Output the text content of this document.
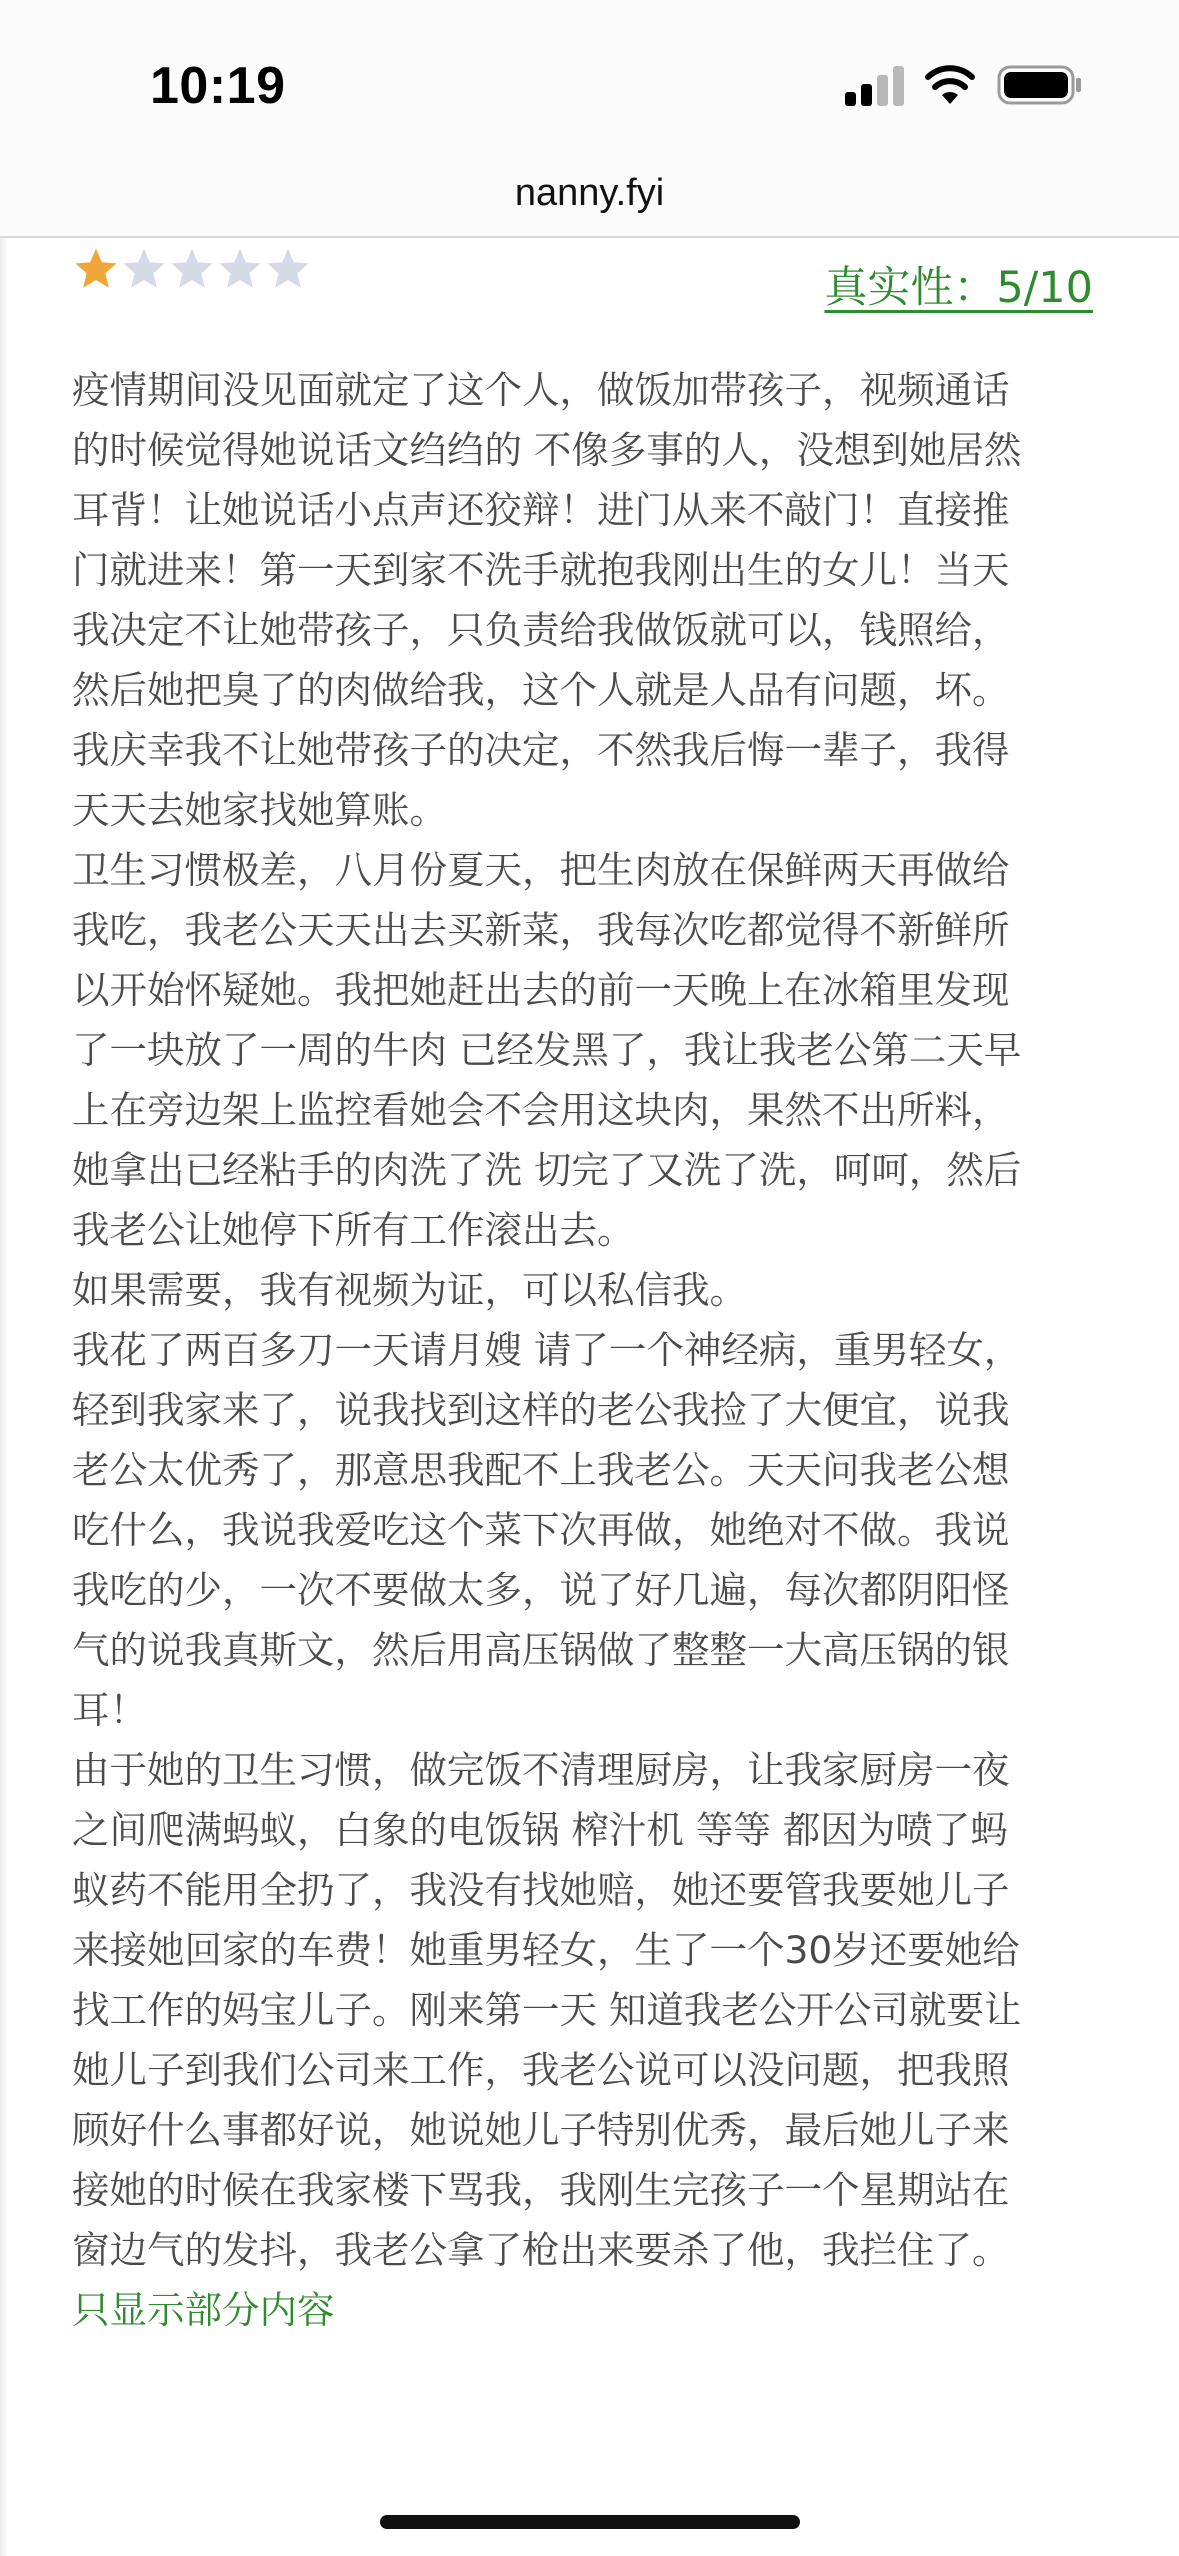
10:19
nanny.fyi
真实性：5/10
疫情期间没见面就定了这个人，做饭加带孩子，视频通话
的时候觉得她说话文绉绉的 不像多事的人，没想到她居然
耳背！让她说话小点声还狡辩！进门从来不敲门！直接推
门就进来！第一天到家不洗手就抱我刚出生的女儿！当天
我决定不让她带孩子，只负责给我做饭就可以，钱照给，
然后她把臭了的肉做给我，这个人就是人品有问题，坏。
我庆幸我不让她带孩子的决定，不然我后悔一辈子，我得
天天去她家找她算账。
卫生习惯极差，八月份夏天，把生肉放在保鲜两天再做给
我吃，我老公天天出去买新菜，我每次吃都觉得不新鲜所
以开始怀疑她。我把她赶出去的前一天晚上在冰箱里发现
了一块放了一周的牛肉 已经发黑了，我让我老公第二天早
上在旁边架上监控看她会不会用这块肉，果然不出所料，
她拿出已经粘手的肉洗了洗 切完了又洗了洗，呵呵，然后
我老公让她停下所有工作滚出去。
如果需要，我有视频为证，可以私信我。
我花了两百多刀一天请月嫂 请了一个神经病，重男轻女，
轻到我家来了，说我找到这样的老公我捡了大便宜，说我
老公太优秀了，那意思我配不上我老公。天天问我老公想
吃什么，我说我爱吃这个菜下次再做，她绝对不做。我说
我吃的少，一次不要做太多，说了好几遍，每次都阴阳怪
气的说我真斯文，然后用高压锅做了整整一大高压锅的银
耳！
由于她的卫生习惯，做完饭不清理厨房，让我家厨房一夜
之间爬满蚂蚁，白象的电饭锅 榨汁机 等等 都因为喷了蚂
蚁药不能用全扔了，我没有找她赔，她还要管我要她儿子
来接她回家的车费！她重男轻女，生了一个30岁还要她给
找工作的妈宝儿子。刚来第一天 知道我老公开公司就要让
她儿子到我们公司来工作，我老公说可以没问题，把我照
顾好什么事都好说，她说她儿子特别优秀，最后她儿子来
接她的时候在我家楼下骂我，我刚生完孩子一个星期站在
窗边气的发抖，我老公拿了枪出来要杀了他，我拦住了。
只显示部分内容
